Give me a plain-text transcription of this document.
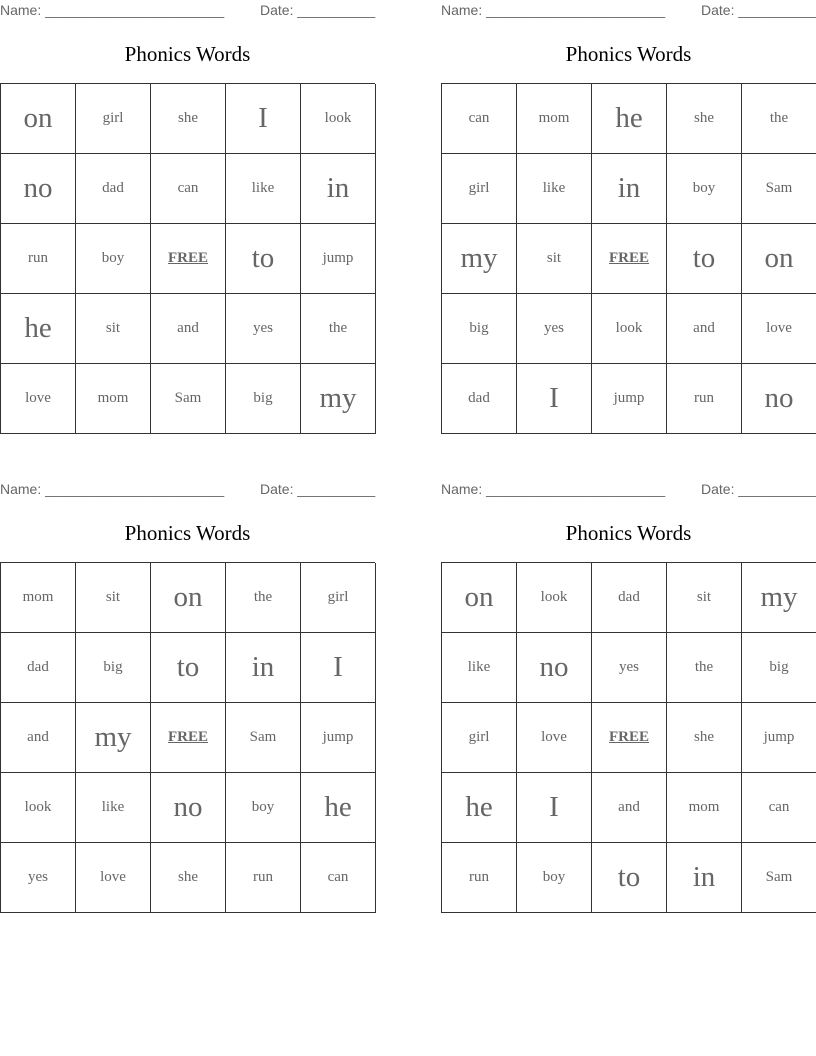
Name: _______________________	Date: __________
Phonics Words
on	girl	she	I	look
no	dad	can	like	in
run	boy	FREE	to	jump
he	sit	and	yes	the
love	mom	Sam	big	my
Name: _______________________	Date: __________
Phonics Words
can	mom	he	she	the
girl	like	in	boy	Sam
my	sit	FREE	to	on
big	yes	look	and	love
dad	I	jump	run	no
Name: _______________________	Date: __________
Phonics Words
mom	sit	on	the	girl
dad	big	to	in	I
and	my	FREE	Sam	jump
look	like	no	boy	he
yes	love	she	run	can
Name: _______________________	Date: __________
Phonics Words
on	look	dad	sit	my
like	no	yes	the	big
girl	love	FREE	she	jump
he	I	and	mom	can
run	boy	to	in	Sam
